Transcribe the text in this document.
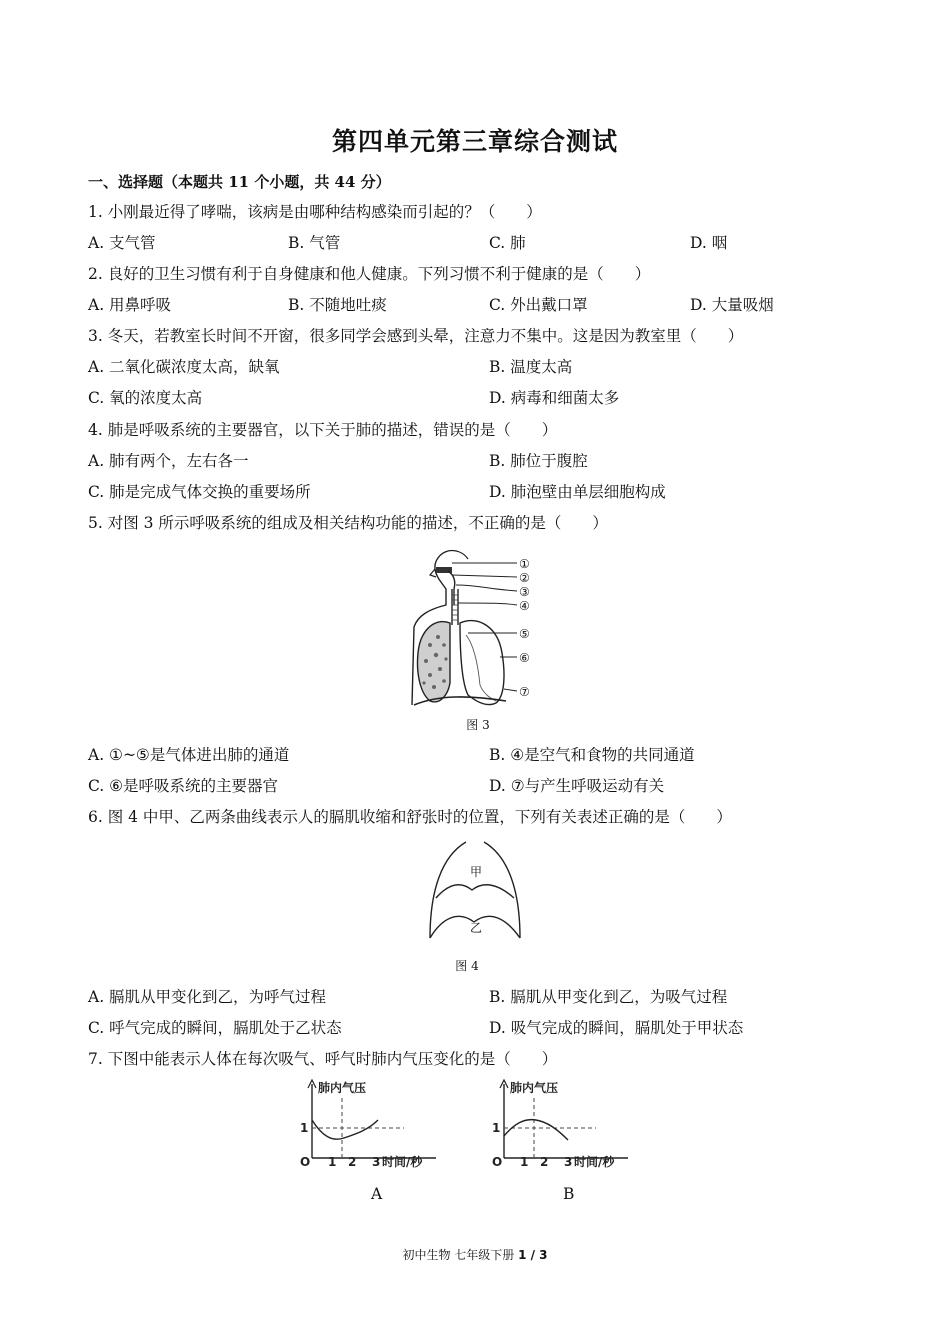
第四单元第三章综合测试
一、选择题（本题共 11 个小题，共 44 分）
1. 小刚最近得了哮喘，该病是由哪种结构感染而引起的？（　　）
A. 支气管	B. 气管	C. 肺	D. 咽
2. 良好的卫生习惯有利于自身健康和他人健康。下列习惯不利于健康的是（　　）
A. 用鼻呼吸	B. 不随地吐痰	C. 外出戴口罩	D. 大量吸烟
3. 冬天，若教室长时间不开窗，很多同学会感到头晕，注意力不集中。这是因为教室里（　　）
A. 二氧化碳浓度太高，缺氧	B. 温度太高
C. 氧的浓度太高	D. 病毒和细菌太多
4. 肺是呼吸系统的主要器官，以下关于肺的描述，错误的是（　　）
A. 肺有两个，左右各一	B. 肺位于腹腔
C. 肺是完成气体交换的重要场所	D. 肺泡壁由单层细胞构成
5. 对图 3 所示呼吸系统的组成及相关结构功能的描述，不正确的是（　　）
①
②
③
④
⑤
⑥
⑦
图 3
A. ①~⑤是气体进出肺的通道	B. ④是空气和食物的共同通道
C. ⑥是呼吸系统的主要器官	D. ⑦与产生呼吸运动有关
6. 图 4 中甲、乙两条曲线表示人的膈肌收缩和舒张时的位置，下列有关表述正确的是（　　）
甲
乙
图 4
A. 膈肌从甲变化到乙，为呼气过程	B. 膈肌从甲变化到乙，为吸气过程
C. 呼气完成的瞬间，膈肌处于乙状态	D. 吸气完成的瞬间，膈肌处于甲状态
7. 下图中能表示人体在每次吸气、呼气时肺内气压变化的是（　　）
肺内气压
1
O 1 2 3 时间/秒
A
肺内气压
1
O 1 2 3 时间/秒
B
初中生物 七年级下册 1 / 3
